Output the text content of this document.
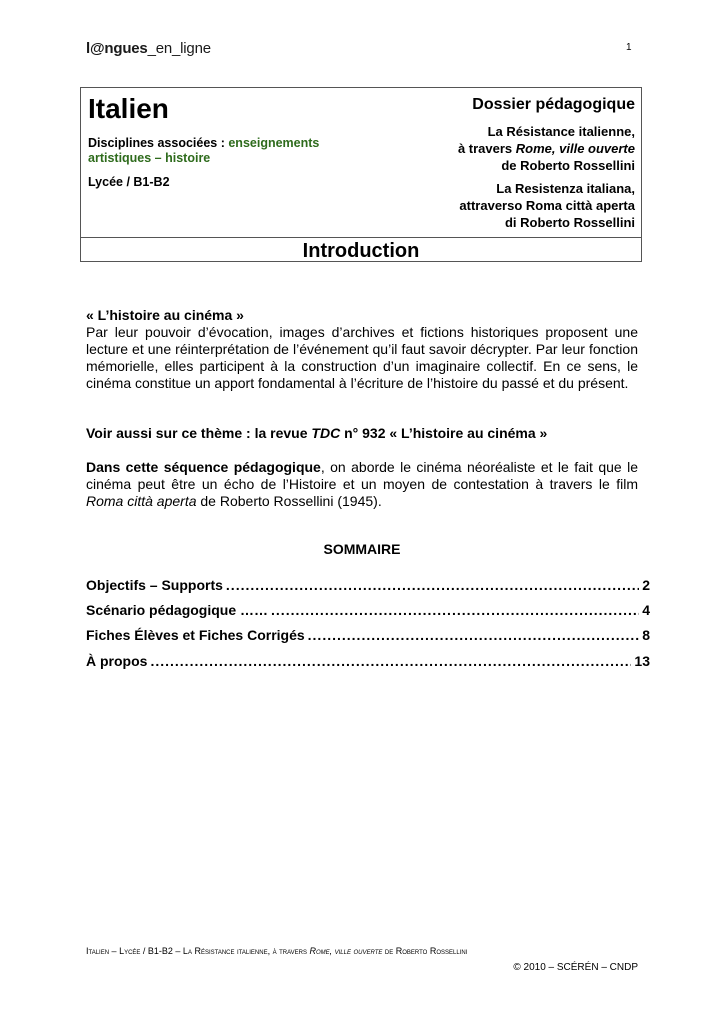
l@ngues_en_ligne	1
Italien
Disciplines associées : enseignements artistiques – histoire
Lycée / B1-B2
Dossier pédagogique
La Résistance italienne,
à travers Rome, ville ouverte
de Roberto Rossellini
La Resistenza italiana,
attraverso Roma città aperta
di Roberto Rossellini
Introduction
« L’histoire au cinéma »
Par leur pouvoir d’évocation, images d’archives et fictions historiques proposent une lecture et une réinterprétation de l’événement qu’il faut savoir décrypter. Par leur fonction mémorielle, elles participent à la construction d’un imaginaire collectif. En ce sens, le cinéma constitue un apport fondamental à l’écriture de l’histoire du passé et du présent.
Voir aussi sur ce thème : la revue TDC n° 932 « L’histoire au cinéma »
Dans cette séquence pédagogique, on aborde le cinéma néoréaliste et le fait que le cinéma peut être un écho de l’Histoire et un moyen de contestation à travers le film Roma città aperta de Roberto Rossellini (1945).
SOMMAIRE
Objectifs – Supports .....	2
Scénario pédagogique …… .....	4
Fiches Élèves et Fiches Corrigés .....	8
À propos .....	13
Italien – Lycée / B1-B2 – La Résistance italienne, à travers Rome, ville ouverte de Roberto Rossellini
© 2010 – SCÉRÉN – CNDP
